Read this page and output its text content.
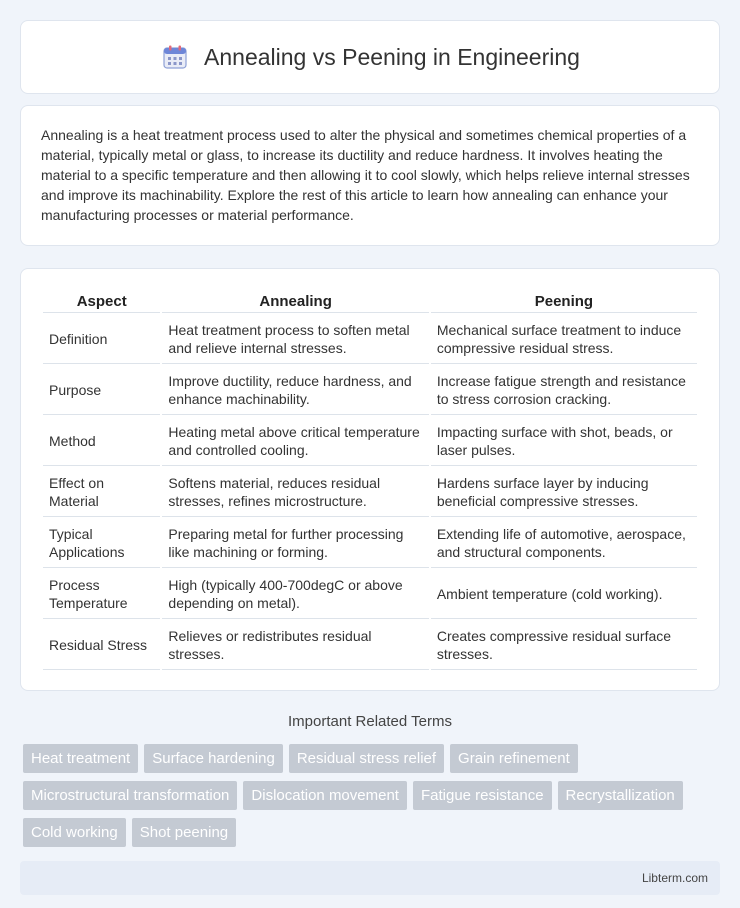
Annealing vs Peening in Engineering

Annealing is a heat treatment process used to alter the physical and sometimes chemical properties of a material, typically metal or glass, to increase its ductility and reduce hardness. It involves heating the material to a specific temperature and then allowing it to cool slowly, which helps relieve internal stresses and improve its machinability. Explore the rest of this article to learn how annealing can enhance your manufacturing processes or material performance.

Aspect	Annealing	Peening
Definition	Heat treatment process to soften metal and relieve internal stresses.	Mechanical surface treatment to induce compressive residual stress.
Purpose	Improve ductility, reduce hardness, and enhance machinability.	Increase fatigue strength and resistance to stress corrosion cracking.
Method	Heating metal above critical temperature and controlled cooling.	Impacting surface with shot, beads, or laser pulses.
Effect on Material	Softens material, reduces residual stresses, refines microstructure.	Hardens surface layer by inducing beneficial compressive stresses.
Typical Applications	Preparing metal for further processing like machining or forming.	Extending life of automotive, aerospace, and structural components.
Process Temperature	High (typically 400-700degC or above depending on metal).	Ambient temperature (cold working).
Residual Stress	Relieves or redistributes residual stresses.	Creates compressive residual surface stresses.
Important Related Terms
Heat treatment	Surface hardening	Residual stress relief	Grain refinement
Microstructural transformation	Dislocation movement	Fatigue resistance	Recrystallization
Cold working	Shot peening
Libterm.com
